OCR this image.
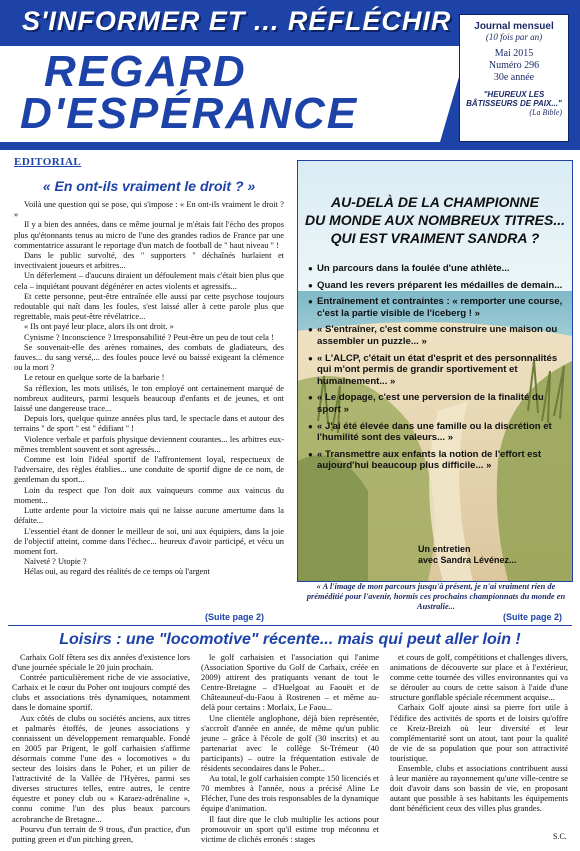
S'INFORMER ET ... RÉFLÉCHIR
REGARD
D'ESPÉRANCE
Journal mensuel
(10 fois par an)
Mai 2015
Numéro 296
30e année
"HEUREUX LES BÂTISSEURS DE PAIX..."
(La Bible)
EDITORIAL
« En ont-ils vraiment le droit ? »

Voilà une question qui se pose, qui s'impose : « En ont-ils vraiment le droit ? »

Il y a bien des années, dans ce même journal je m'étais fait l'écho des propos plus qu'étonnants tenus au micro de l'une des grandes radios de France par une commentatrice assurant le reportage d'un match de football de " haut niveau " !

Dans le public survolté, des " supporters " déchaînés hurlaient et invectivaient joueurs et arbitres...

Un déferlement – d'aucuns diraient un défoulement mais c'était bien plus que cela – inquiétant pouvant dégénérer en actes violents et agressifs...

Et cette personne, peut-être entraînée elle aussi par cette psychose toujours redoutable qui naît dans les foules, s'est laissé aller à cette parole plus que regrettable, mais peut-être révélatrice...

« Ils ont payé leur place, alors ils ont droit. »

Cynisme ? Inconscience ? Irresponsabilité ? Peut-être un peu de tout cela !

Se souvenait-elle des arènes romaines, des combats de gladiateurs, des fauves... du sang versé,... des foules pouce levé ou baissé exigeant la clémence ou la mort ?

Le retour en quelque sorte de la barbarie !

Sa réflexion, les mots utilisés, le ton employé ont certainement marqué de nombreux auditeurs, parmi lesquels beaucoup d'enfants et de jeunes, et ont laissé une dangereuse trace...

Depuis lors, quelque quinze années plus tard, le spectacle dans et autour des terrains " de sport " est " édifiant " !

Violence verbale et parfois physique deviennent courantes... les arbitres eux-mêmes tremblent souvent et sont agressés...

Comme est loin l'idéal sportif de l'affrontement loyal, respectueux de l'adversaire, des règles établies... une conduite de sportif digne de ce nom, de gentleman du sport...

Loin du respect que l'on doit aux vainqueurs comme aux vaincus du moment...

Lutte ardente pour la victoire mais qui ne laisse aucune amertume dans la défaite...

L'essentiel étant de donner le meilleur de soi, uni aux équipiers, dans la joie de l'objectif atteint, comme dans l'échec... heureux d'avoir participé, et vécu un moment fort.

Naïveté ? Utopie ?

Hélas oui, au regard des réalités de ce temps où l'argent

(Suite page 2)
AU-DELÀ DE LA CHAMPIONNE
DU MONDE AUX NOMBREUX TITRES...
QUI EST VRAIMENT SANDRA ?
● Un parcours dans la foulée d'une athlète...
● Quand les revers préparent les médailles de demain...
● Entraînement et contraintes : « remporter une course, c'est la partie visible de l'iceberg ! »
● « S'entraîner, c'est comme construire une maison ou assembler un puzzle... »
● « L'ALCP, c'était un état d'esprit et des personnalités qui m'ont permis de grandir sportivement et humainement... »
● « Le dopage, c'est une perversion de la finalité du sport »
● « J'ai été élevée dans une famille ou la discrétion et l'humilité sont des valeurs... »
● « Transmettre aux enfants la notion de l'effort est aujourd'hui beaucoup plus difficile... »
Un entretien
avec Sandra Lévénez...
« A l'image de mon parcours jusqu'à présent, je n'ai vraiment rien de préméditié pour l'avenir, hormis ces prochains championnats du monde en Australie...
(Suite page 2)
Loisirs : une "locomotive" récente... mais qui peut aller loin !

Carhaix Golf fêtera ses dix années d'existence lors d'une journée spéciale le 20 juin prochain.

Contrée particulièrement riche de vie associative, Carhaix et le cœur du Poher ont toujours compté des clubs et associations très dynamiques, notamment dans le domaine sportif.

Aux côtés de clubs ou sociétés anciens, aux titres et palmarès étoffés, de jeunes associations y connaissent un développement remarquable. Fondé en 2005 par Prigent, le golf carhaisien s'affirme désormais comme l'une des « locomotives » du secteur des loisirs dans le Poher, et un pilier de l'attractivité de la Vallée de l'Hyères, parmi ses diverses structures telles, entre autres, le centre équestre et poney club ou « Karaez-adrénaline », connu comme l'un des plus beaux parcours acrobranche de Bretagne...

Pourvu d'un terrain de 9 trous, d'un practice, d'un putting green et d'un pitching green,

le golf carhaisien et l'association qui l'anime (Association Sportive du Golf de Carhaix, créée en 2009) attirent des pratiquants venant de tout le Centre-Bretagne – d'Huelgoat au Faouët et de Châteauneuf-du-Faou à Rostrenen – et même au-delà pour certains : Morlaix, Le Faou...

Une clientèle anglophone, déjà bien représentée, s'accroît d'année en année, de même qu'un public jeune – grâce à l'école de golf (30 inscrits) et au partenariat avec le collège St-Trémeur (40 participants) – outre la fréquentation estivale de résidents secondaires dans le Poher...

Au total, le golf carhaisien compte 150 licenciés et 70 membres à l'année, nous a précisé Aline Le Flécher, l'une des trois responsables de la dynamique équipe d'animation.

Il faut dire que le club multiplie les actions pour promouvoir un sport qu'il estime trop méconnu et victime de clichés erronés : stages

et cours de golf, compétitions et challenges divers, animations de découverte sur place et à l'extérieur, comme cette tournée des villes environnantes qui va se dérouler au cours de cette saison à l'aide d'une structure gonflable spéciale récemment acquise...

Carhaix Golf ajoute ainsi sa pierre fort utile à l'édifice des activités de sports et de loisirs qu'offre ce Kreiz-Breizh où leur diversité et leur complémentarité sont un atout, tant pour la qualité de vie de sa population que pour son attractivité touristique.

Ensemble, clubs et associations contribuent aussi à leur manière au rayonnement qu'une ville-centre se doit d'avoir dans son bassin de vie, en proposant autant que possible à ses habitants les équipements dont bénéficient ceux des villes plus grandes.

S.C.
